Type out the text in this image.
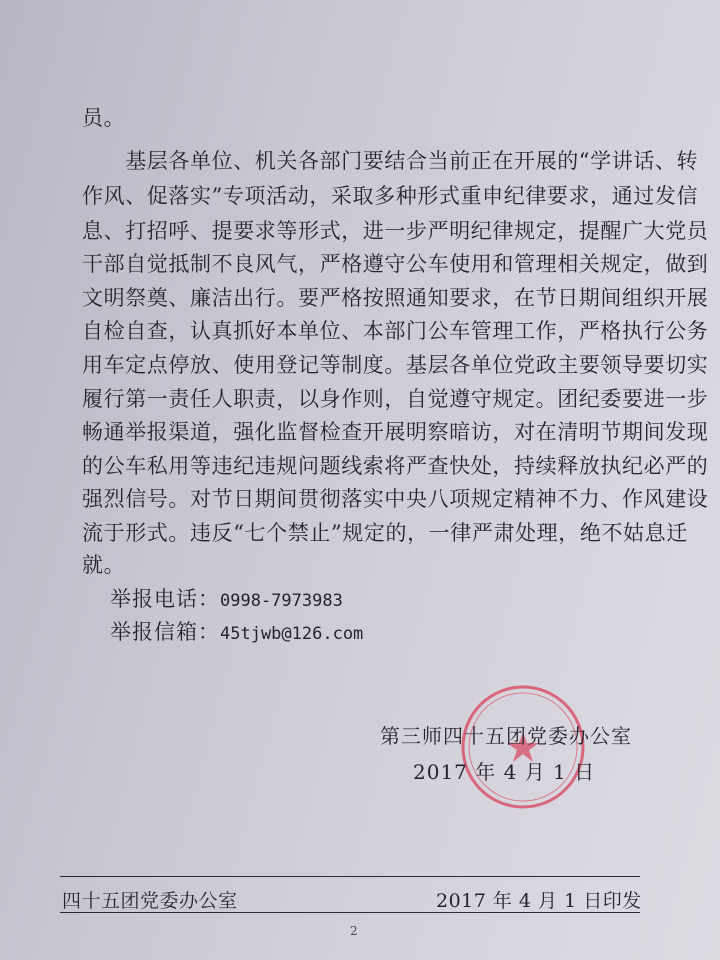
员。
　　基层各单位、机关各部门要结合当前正在开展的“学讲话、转
作风、促落实”专项活动，采取多种形式重申纪律要求，通过发信
息、打招呼、提要求等形式，进一步严明纪律规定，提醒广大党员
干部自觉抵制不良风气，严格遵守公车使用和管理相关规定，做到
文明祭奠、廉洁出行。要严格按照通知要求，在节日期间组织开展
自检自查，认真抓好本单位、本部门公车管理工作，严格执行公务
用车定点停放、使用登记等制度。基层各单位党政主要领导要切实
履行第一责任人职责，以身作则，自觉遵守规定。团纪委要进一步
畅通举报渠道，强化监督检查开展明察暗访，对在清明节期间发现
的公车私用等违纪违规问题线索将严查快处，持续释放执纪必严的
强烈信号。对节日期间贯彻落实中央八项规定精神不力、作风建设
流于形式。违反“七个禁止”规定的，一律严肃处理，绝不姑息迁
就。
举报电话：0998-7973983
举报信箱：45tjwb@126.com
第三师四十五团党委办公室
2017 年 4 月 1 日
四十五团党委办公室	2017 年 4 月 1 日印发
2
